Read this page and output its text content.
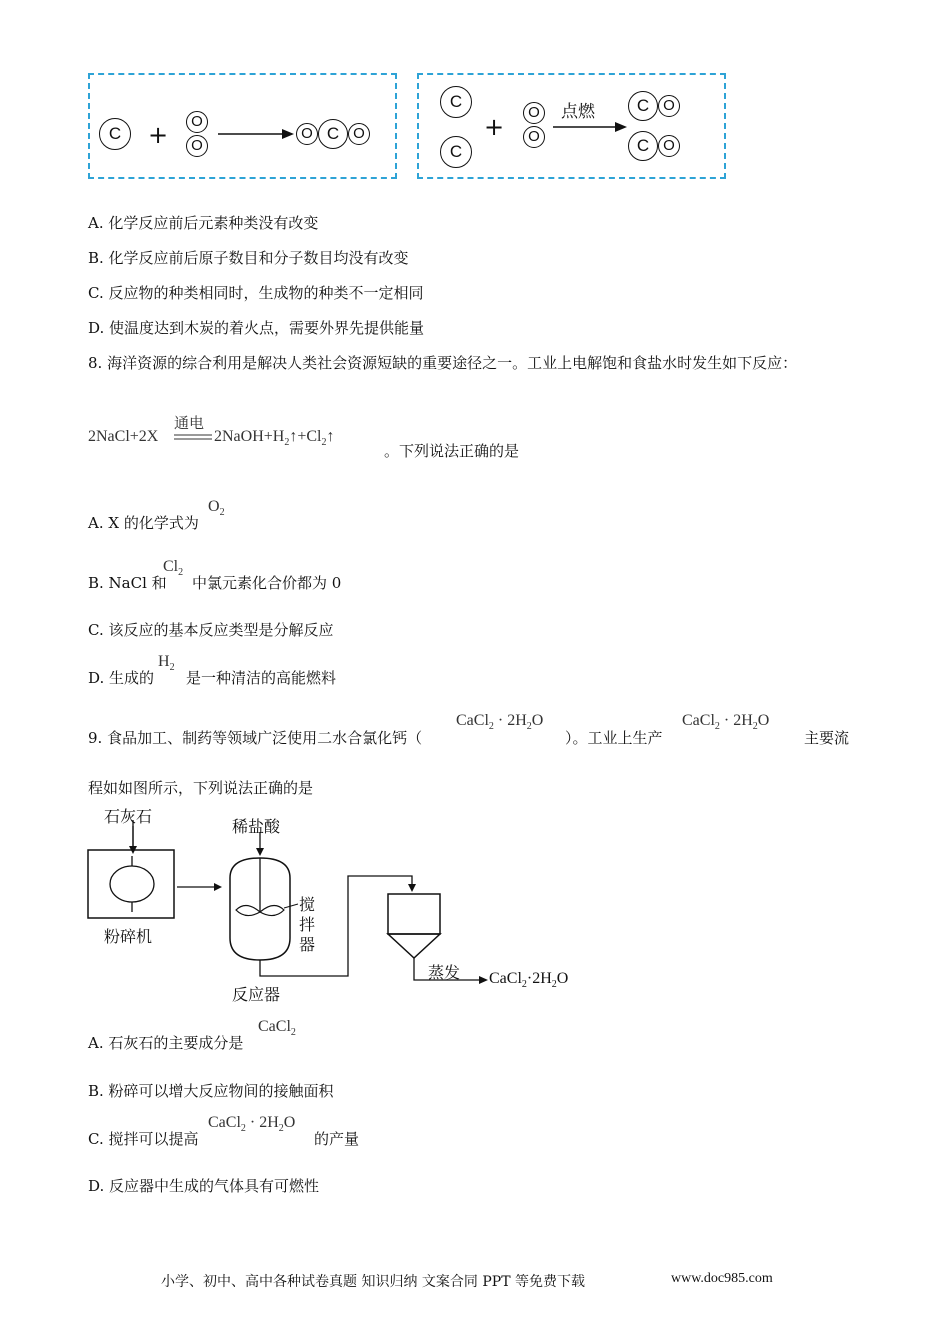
C	+	O
O
O C O
C
C
+
O
O
点燃	C O
C O
A. 化学反应前后元素种类没有改变
B. 化学反应前后原子数目和分子数目均没有改变
C. 反应物的种类相同时，生成物的种类不一定相同
D. 使温度达到木炭的着火点，需要外界先提供能量
8. 海洋资源的综合利用是解决人类社会资源短缺的重要途径之一。工业上电解饱和食盐水时发生如下反应：
2NaCl+2X
通电
$2NaOH+H_2↑+Cl_2↑$
。下列说法正确的是
A. X 的化学式为
$O_2$
B. NaCl 和
$Cl_2$
中氯元素化合价都为 0
C. 该反应的基本反应类型是分解反应
D. 生成的
$H_2$
是一种清洁的高能燃料
9. 食品加工、制药等领域广泛使用二水合氯化钙（
CaCl$_2$ · $2H_2O$
）。工业上生产
CaCl$_2$ · $2H_2O$
主要流
程如如图所示，下列说法正确的是
石灰石
稀盐酸
粉碎机
搅
拌
器
反应器
蒸发 $CaCl_2\cdot 2H_2O$
A. 石灰石的主要成分是
CaCl$_2$
B. 粉碎可以增大反应物间的接触面积
C. 搅拌可以提高
CaCl$_2$ · $2H_2O$
的产量
D. 反应器中生成的气体具有可燃性
小学、初中、高中各种试卷真题 知识归纳 文案合同 PPT 等免费下载	www.doc985.com
